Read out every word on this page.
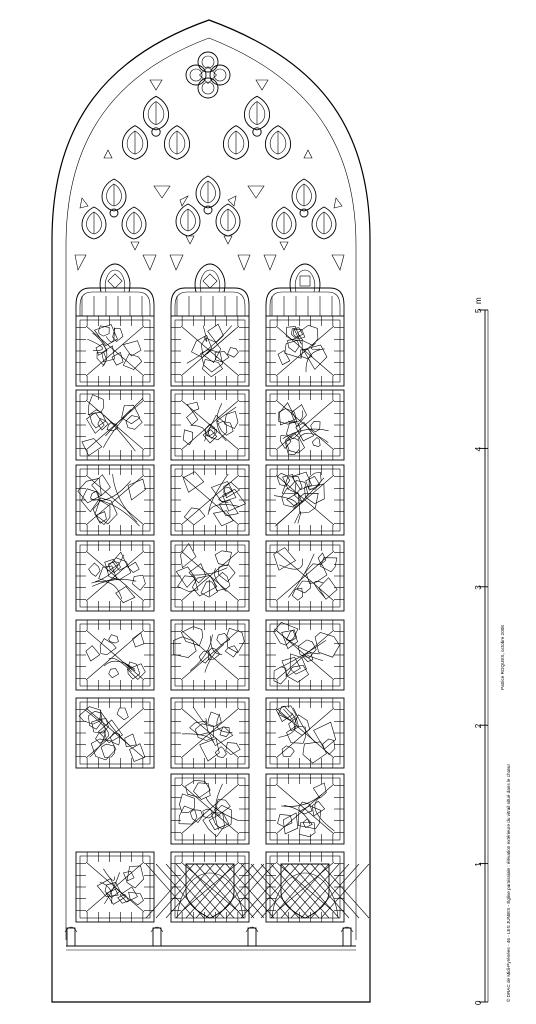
0
1
2
3
4
5
m
© DRAC de Midi-Pyrénées - 46 - LES JUNIES - Église paroissiale : élévation extérieure du vitrail situé dans le chœur
Patrice ROQUES, octobre 2008
